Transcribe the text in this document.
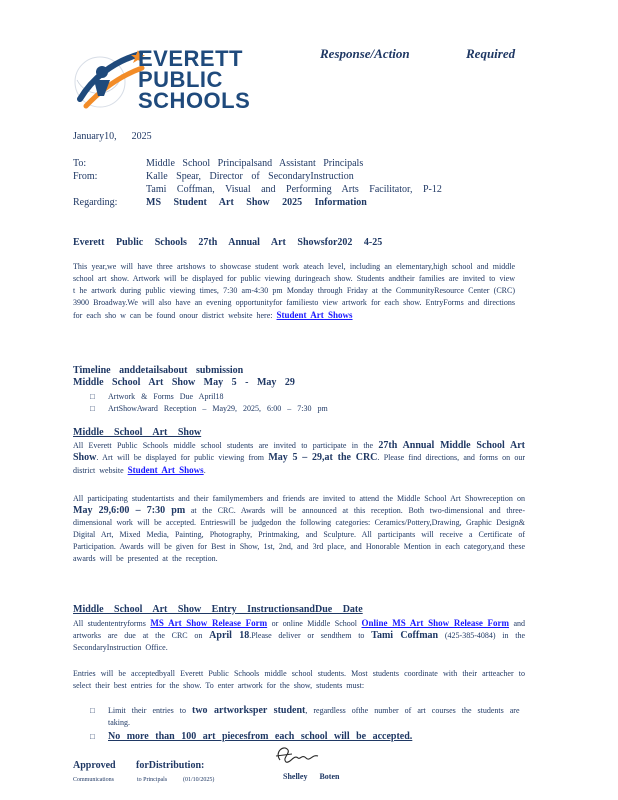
EVERETT
PUBLIC
SCHOOLS
Response/Action	Required
January10,      2025
To:	Middle School Principalsand Assistant Principals
From:	Kalle Spear, Director of SecondaryInstruction
Tami Coffman, Visual and Performing Arts Facilitator, P-12
Regarding:	MS Student Art Show 2025 Information
Everett Public Schools 27th Annual Art Showsfor202 4-25
This year,we will have three artshows to showcase student work ateach level, including an elementary,high school and middle school art show. Artwork will be displayed for public viewing duringeach show. Students andtheir families are invited to view t he artwork during public viewing times, 7:30 am-4:30 pm Monday through Friday at the CommunityResource Center (CRC) 3900 Broadway.We will also have an evening opportunityfor familiesto view artwork for each show. EntryForms and directions for each sho w can be found onour district website here: Student Art Shows
Timeline anddetailsabout submission
Middle School Art Show May 5 - May 29
□ Artwork & Forms Due April18
□ ArtShowAward Reception – May29, 2025, 6:00 – 7:30 pm
Middle School Art Show
All Everett Public Schools middle school students are invited to participate in the 27th Annual Middle School Art Show. Art will be displayed for public viewing from May 5 – 29,at the CRC. Please find directions, and forms on our district website Student Art Shows.
All participating studentartists and their familymembers and friends are invited to attend the Middle School Art Showreception on May 29,6:00 – 7:30 pm at the CRC. Awards will be announced at this reception. Both two-dimensional and three-dimensional work will be accepted. Entrieswill be judgedon the following categories: Ceramics/Pottery,Drawing, Graphic Design& Digital Art, Mixed Media, Painting, Photography, Printmaking, and Sculpture. All participants will receive a Certificate of Participation. Awards will be given for Best in Show, 1st, 2nd, and 3rd place, and Honorable Mention in each category,and these awards will be presented at the reception.
Middle School Art Show Entry InstructionsandDue Date
All studententryforms MS Art Show Release Form or online Middle School Online MS Art Show Release Form and artworks are due at the CRC on April 18.Please deliver or sendthem to Tami Coffman (425-385-4084) in the SecondaryInstruction Office.
Entries will be acceptedbyall Everett Public Schools middle school students. Most students coordinate with their artteacher to select their best entries for the show. To enter artwork for the show, students must:
□ Limit their entries to two artworksper student, regardless ofthe number of art courses the students are taking.
□ No more than 100 art piecesfrom each school will be accepted.
Approved forDistribution:
Shelley Boten
Communications	to Principals	(01/10/2025)
